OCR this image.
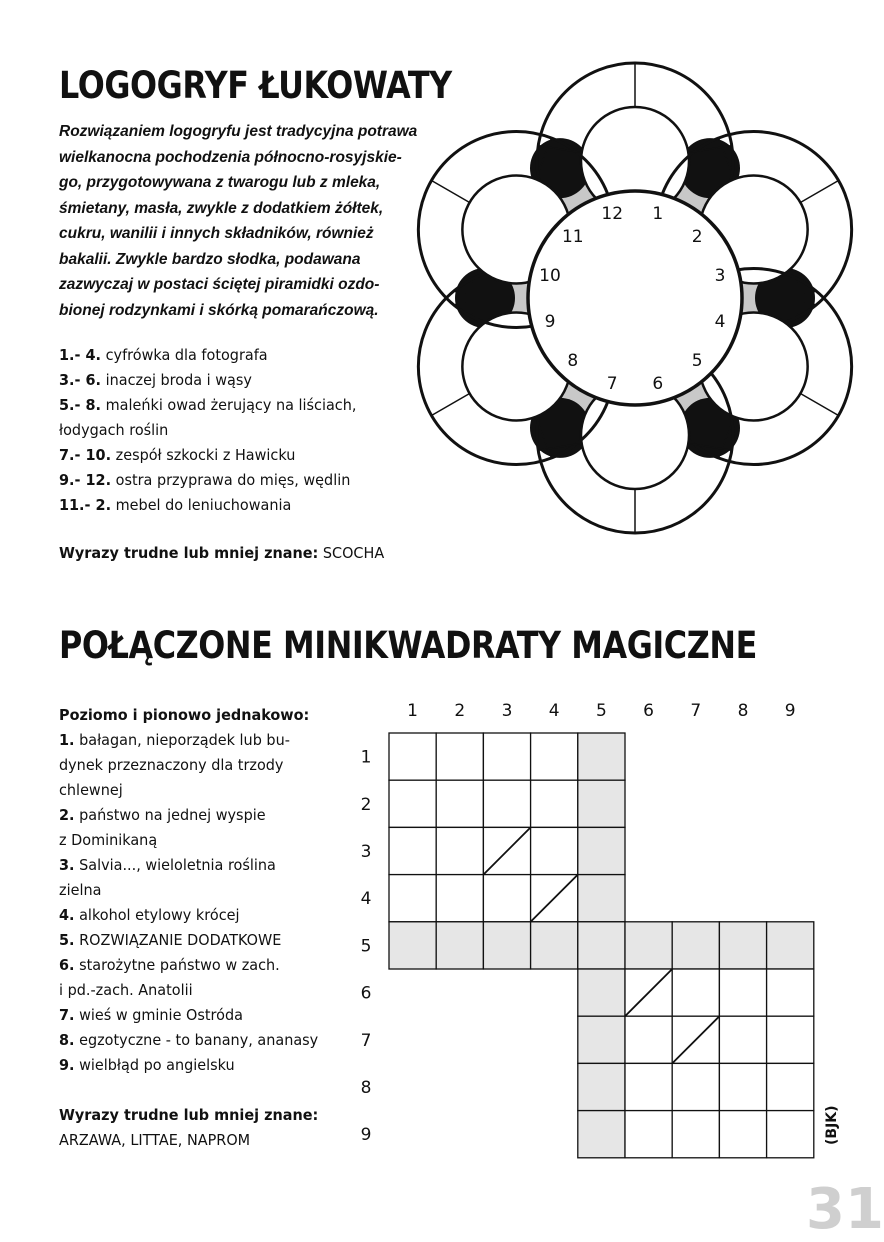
LOGOGRYF ŁUKOWATY

Rozwiązaniem logogryfu jest tradycyjna potrawa

wielkanocna pochodzenia północno-rosyjskie-

go, przygotowywana z twarogu lub z mleka,

śmietany, masła, zwykle z dodatkiem żółtek,

cukru, wanilii i innych składników, również

bakalii. Zwykle bardzo słodka, podawana

zazwyczaj w postaci ściętej piramidki ozdo-

bionej rodzynkami i skórką pomarańczową.

1.- 4. cyfrówka dla fotografa
3.- 6. inaczej broda i wąsy
5.- 8. maleńki owad żerujący na liściach,
łodygach roślin
7.- 10. zespół szkocki z Hawicku
9.- 12. ostra przyprawa do mięs, wędlin
11.- 2. mebel do leniuchowania
Wyrazy trudne lub mniej znane: SCOCHA
1
2
3
4
5
6
7
8
9
10
11
12
POŁĄCZONE MINIKWADRATY MAGICZNE
Poziomo i pionowo jednakowo:
1. bałagan, nieporządek lub bu-
dynek przeznaczony dla trzody
chlewnej
2. państwo na jednej wyspie
z Dominikaną
3. Salvia..., wieloletnia roślina
zielna
4. alkohol etylowy krócej
5. ROZWIĄZANIE DODATKOWE
6. starożytne państwo w zach.
i pd.-zach. Anatolii
7. wieś w gminie Ostróda
8. egzotyczne - to banany, ananasy
9. wielbłąd po angielsku
Wyrazy trudne lub mniej znane:
ARZAWA, LITTAE, NAPROM
1 2 3 4 5 6 7 8 9
1
2
3
4
5
6
7
8
9	(BJK)
31
